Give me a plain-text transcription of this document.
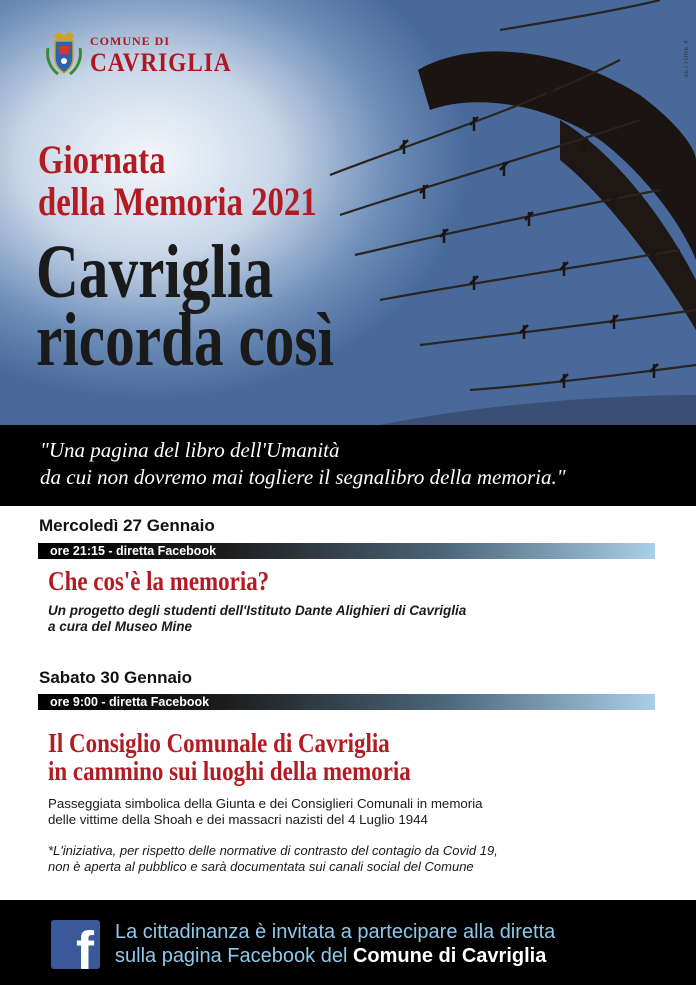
COMUNE DI
CAVRIGLIA	SETTORE 4
Giornata
della Memoria 2021
Cavriglia
ricorda così
"Una pagina del libro dell'Umanità
da cui non dovremo mai togliere il segnalibro della memoria."
Mercoledì 27 Gennaio
ore 21:15 - diretta Facebook
Che cos'è la memoria?
Un progetto degli studenti dell'Istituto Dante Alighieri di Cavriglia
a cura del Museo Mine
Sabato 30 Gennaio
ore 9:00 - diretta Facebook
Il Consiglio Comunale di Cavriglia
in cammino sui luoghi della memoria
Passeggiata simbolica della Giunta e dei Consiglieri Comunali in memoria
delle vittime della Shoah e dei massacri nazisti del 4 Luglio 1944
*L'iniziativa, per rispetto delle normative di contrasto del contagio da Covid 19,
non è aperta al pubblico e sarà documentata sui canali social del Comune
f La cittadinanza è invitata a partecipare alla diretta
sulla pagina Facebook del Comune di Cavriglia
